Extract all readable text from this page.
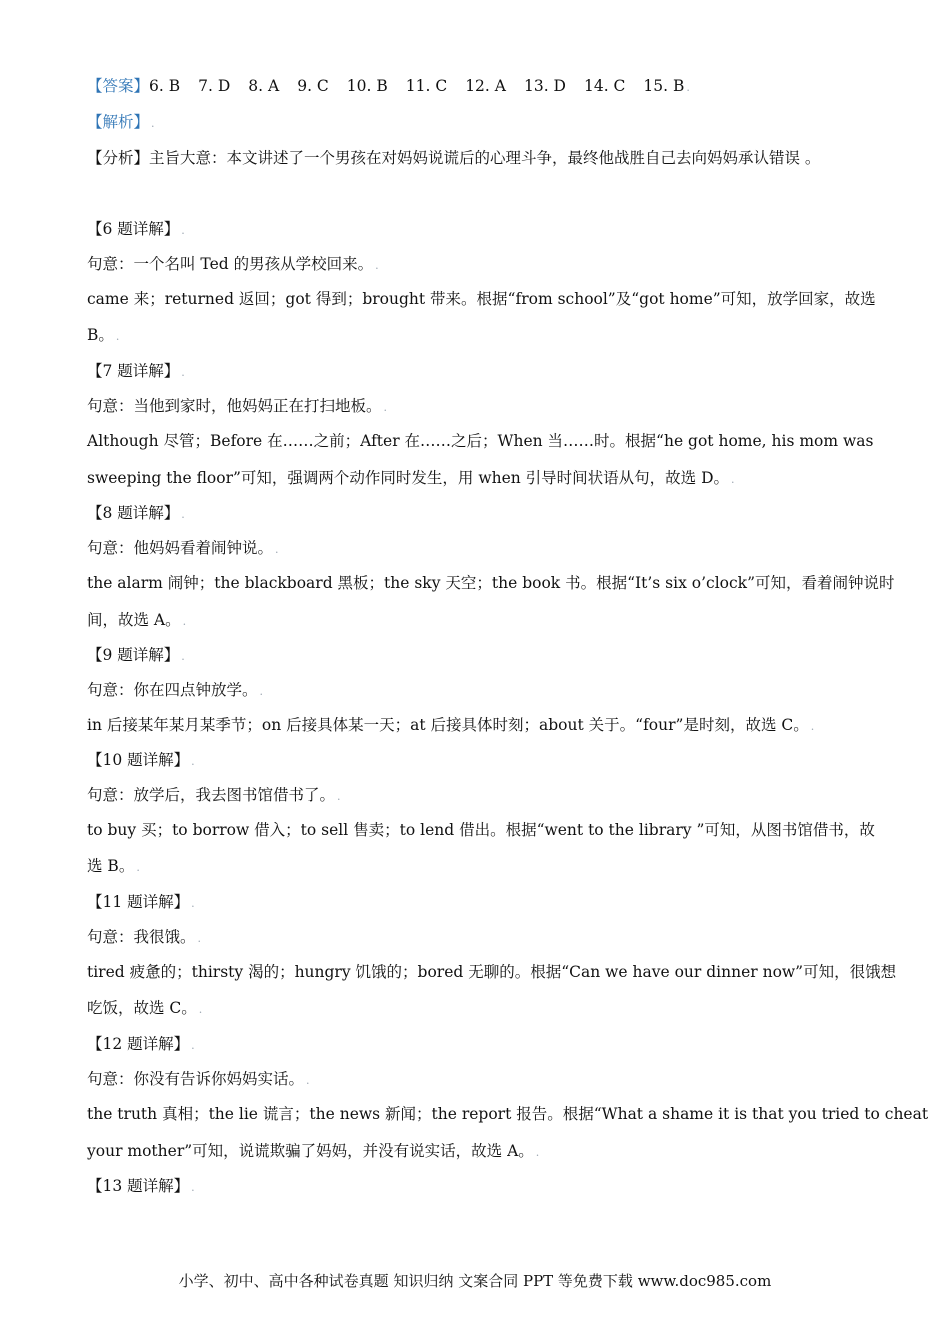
【答案】6. B 7. D 8. A 9. C 10. B 11. C 12. A 13. D 14. C 15. B .
【解析】 .
【分析】主旨大意：本文讲述了一个男孩在对妈妈说谎后的心理斗争，最终他战胜自己去向妈妈承认错误 。
【6 题详解】 .
句意：一个名叫 Ted 的男孩从学校回来。 .
came 来；returned 返回；got 得到；brought 带来。根据“from school”及“got home”可知，放学回家，故选
B。 .
【7 题详解】 .
句意：当他到家时，他妈妈正在打扫地板。 .
Although 尽管；Before 在……之前；After 在……之后；When 当……时。根据“he got home, his mom was
sweeping the floor”可知，强调两个动作同时发生，用 when 引导时间状语从句，故选 D。 .
【8 题详解】 .
句意：他妈妈看着闹钟说。 .
the alarm 闹钟；the blackboard 黑板；the sky 天空；the book 书。根据“It’s six o’clock”可知，看着闹钟说时
间，故选 A。 .
【9 题详解】 .
句意：你在四点钟放学。 .
in 后接某年某月某季节；on 后接具体某一天；at 后接具体时刻；about 关于。“four”是时刻，故选 C。 .
【10 题详解】 .
句意：放学后，我去图书馆借书了。 .
to buy 买；to borrow 借入；to sell 售卖；to lend 借出。根据“went to the library ”可知，从图书馆借书，故
选 B。 .
【11 题详解】 .
句意：我很饿。 .
tired 疲惫的；thirsty 渴的；hungry 饥饿的；bored 无聊的。根据“Can we have our dinner now”可知，很饿想
吃饭，故选 C。 .
【12 题详解】 .
句意：你没有告诉你妈妈实话。 .
the truth 真相；the lie 谎言；the news 新闻；the report 报告。根据“What a shame it is that you tried to cheat
your mother”可知，说谎欺骗了妈妈，并没有说实话，故选 A。 .
【13 题详解】 .
小学、初中、高中各种试卷真题 知识归纳 文案合同 PPT 等免费下载 www.doc985.com
